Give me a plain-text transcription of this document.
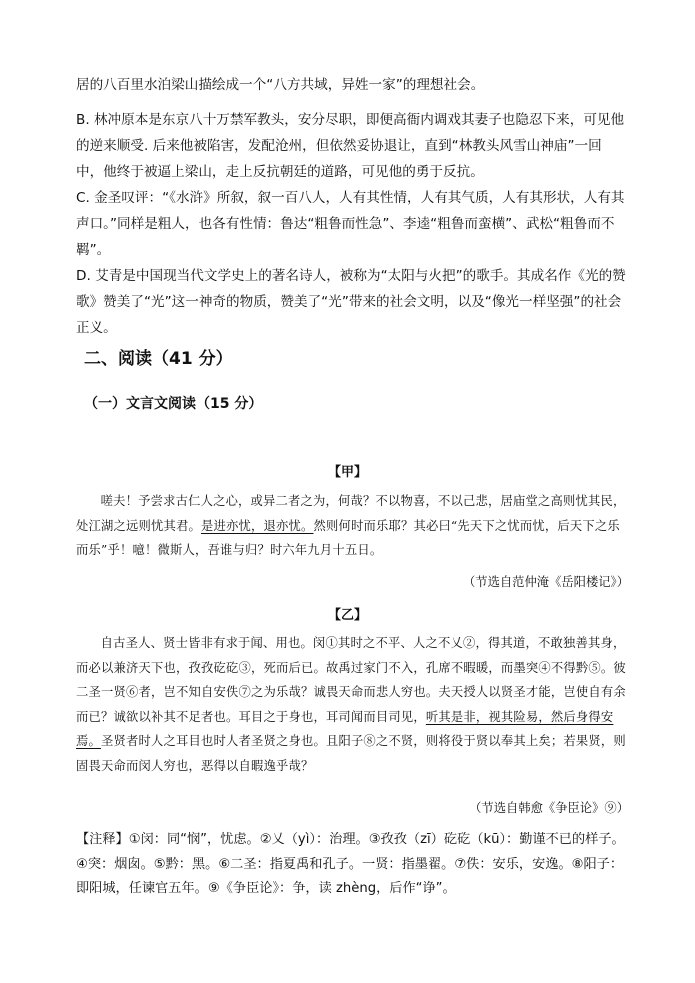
居的八百里水泊梁山描绘成一个“八方共域，异姓一家”的理想社会。

B. 林冲原本是东京八十万禁军教头，安分尽职，即便高衙内调戏其妻子也隐忍下来，可见他的逆来顺受. 后来他被陷害，发配沧州，但依然妥协退让，直到“林教头风雪山神庙”一回中，他终于被逼上梁山，走上反抗朝廷的道路，可见他的勇于反抗。

C. 金圣叹评：“《水浒》所叙，叙一百八人，人有其性情，人有其气质，人有其形状，人有其声口。”同样是粗人，也各有性情：鲁达“粗鲁而性急”、李逵“粗鲁而蛮横”、武松“粗鲁而不羁”。

D. 艾青是中国现当代文学史上的著名诗人，被称为“太阳与火把”的歌手。其成名作《光的赞歌》赞美了“光”这一神奇的物质，赞美了“光”带来的社会文明，以及“像光一样坚强”的社会正义。

二、阅读（41 分）
（一）文言文阅读（15 分）
【甲】

嗟夫！予尝求古仁人之心，或异二者之为，何哉？不以物喜，不以己悲，居庙堂之高则忧其民，处江湖之远则忧其君。是进亦忧，退亦忧。然则何时而乐耶？其必曰“先天下之忧而忧，后天下之乐而乐”乎！噫！微斯人，吾谁与归？时六年九月十五日。

（节选自范仲淹《岳阳楼记》）
【乙】

自古圣人、贤士皆非有求于闻、用也。闵①其时之不平、人之不乂②，得其道，不敢独善其身，而必以兼济天下也，孜孜矻矻③，死而后已。故禹过家门不入，孔席不暇暖，而墨突④不得黔⑤。彼二圣一贤⑥者，岂不知自安佚⑦之为乐哉？诚畏天命而悲人穷也。夫天授人以贤圣才能，岂使自有余而已？诚欲以补其不足者也。耳目之于身也，耳司闻而目司见，听其是非，视其险易，然后身得安焉。圣贤者时人之耳目也时人者圣贤之身也。且阳子⑧之不贤，则将役于贤以奉其上矣；若果贤，则固畏天命而闵人穷也，恶得以自暇逸乎哉？

（节选自韩愈《争臣论》⑨）

【注释】①闵：同“悯”，忧虑。②乂（yì）：治理。③孜孜（zī）矻矻（kū）：勤谨不已的样子。④突：烟囱。⑤黔：黑。⑥二圣：指夏禹和孔子。一贤：指墨翟。⑦佚：安乐，安逸。⑧阳子：即阳城，任谏官五年。⑨《争臣论》：争，读 zhèng，后作“诤”。
